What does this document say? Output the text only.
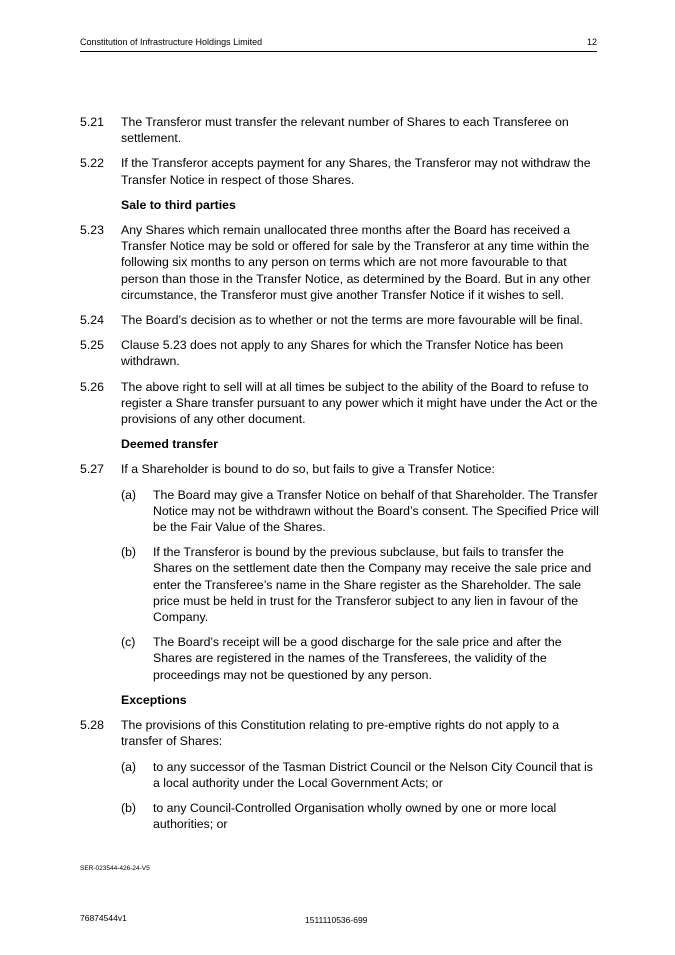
Constitution of Infrastructure Holdings Limited	12
5.21 The Transferor must transfer the relevant number of Shares to each Transferee on settlement.
5.22 If the Transferor accepts payment for any Shares, the Transferor may not withdraw the Transfer Notice in respect of those Shares.
Sale to third parties
5.23 Any Shares which remain unallocated three months after the Board has received a Transfer Notice may be sold or offered for sale by the Transferor at any time within the following six months to any person on terms which are not more favourable to that person than those in the Transfer Notice, as determined by the Board. But in any other circumstance, the Transferor must give another Transfer Notice if it wishes to sell.
5.24 The Board’s decision as to whether or not the terms are more favourable will be final.
5.25 Clause 5.23 does not apply to any Shares for which the Transfer Notice has been withdrawn.
5.26 The above right to sell will at all times be subject to the ability of the Board to refuse to register a Share transfer pursuant to any power which it might have under the Act or the provisions of any other document.
Deemed transfer
5.27 If a Shareholder is bound to do so, but fails to give a Transfer Notice:
(a) The Board may give a Transfer Notice on behalf of that Shareholder. The Transfer Notice may not be withdrawn without the Board’s consent. The Specified Price will be the Fair Value of the Shares.
(b) If the Transferor is bound by the previous subclause, but fails to transfer the Shares on the settlement date then the Company may receive the sale price and enter the Transferee’s name in the Share register as the Shareholder. The sale price must be held in trust for the Transferor subject to any lien in favour of the Company.
(c) The Board’s receipt will be a good discharge for the sale price and after the Shares are registered in the names of the Transferees, the validity of the proceedings may not be questioned by any person.
Exceptions
5.28 The provisions of this Constitution relating to pre-emptive rights do not apply to a transfer of Shares:
(a) to any successor of the Tasman District Council or the Nelson City Council that is a local authority under the Local Government Acts; or
(b) to any Council-Controlled Organisation wholly owned by one or more local authorities; or
SER-023544-426-24-V5
76874544v1	1511110536-699
